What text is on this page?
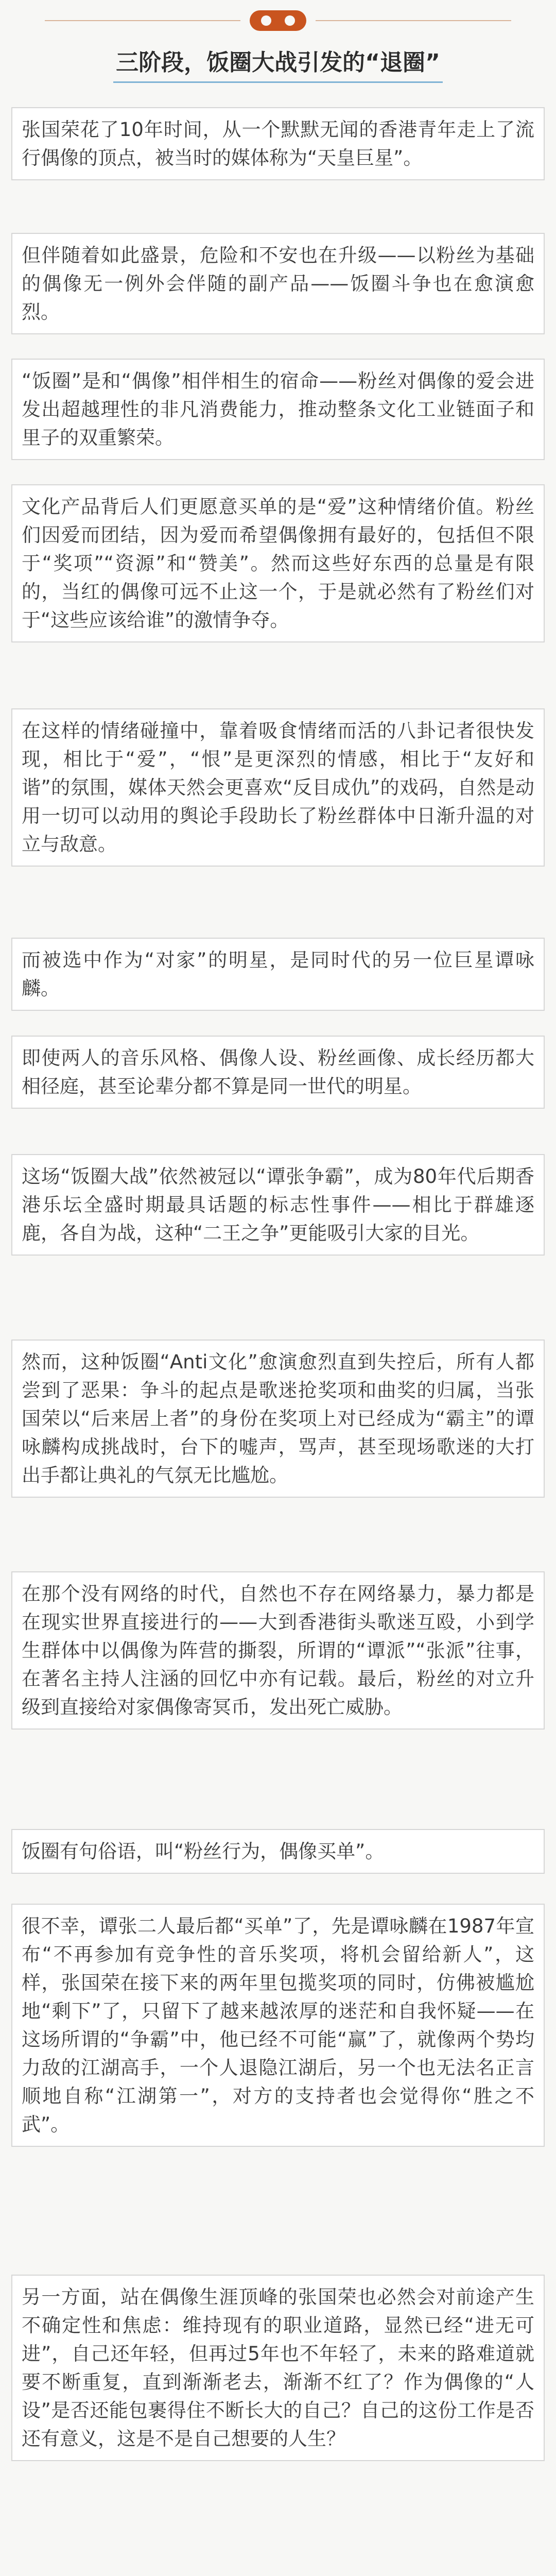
三阶段，饭圈大战引发的“退圈”

张国荣花了10年时间，从一个默默无闻的香港青年走上了流行偶像的顶点，被当时的媒体称为“天皇巨星”。

但伴随着如此盛景，危险和不安也在升级——以粉丝为基础的偶像无一例外会伴随的副产品——饭圈斗争也在愈演愈烈。

“饭圈”是和“偶像”相伴相生的宿命——粉丝对偶像的爱会进发出超越理性的非凡消费能力，推动整条文化工业链面子和里子的双重繁荣。

文化产品背后人们更愿意买单的是“爱”这种情绪价值。粉丝们因爱而团结，因为爱而希望偶像拥有最好的，包括但不限于“奖项”“资源”和“赞美”。然而这些好东西的总量是有限的，当红的偶像可远不止这一个，于是就必然有了粉丝们对于“这些应该给谁”的激情争夺。

在这样的情绪碰撞中，靠着吸食情绪而活的八卦记者很快发现，相比于“爱”，“恨”是更深烈的情感，相比于“友好和谐”的氛围，媒体天然会更喜欢“反目成仇”的戏码，自然是动用一切可以动用的舆论手段助长了粉丝群体中日渐升温的对立与敌意。

而被选中作为“对家”的明星，是同时代的另一位巨星谭咏麟。

即使两人的音乐风格、偶像人设、粉丝画像、成长经历都大相径庭，甚至论辈分都不算是同一世代的明星。

这场“饭圈大战”依然被冠以“谭张争霸”，成为80年代后期香港乐坛全盛时期最具话题的标志性事件——相比于群雄逐鹿，各自为战，这种“二王之争”更能吸引大家的目光。

然而，这种饭圈“Anti文化”愈演愈烈直到失控后，所有人都尝到了恶果：争斗的起点是歌迷抢奖项和曲奖的归属，当张国荣以“后来居上者”的身份在奖项上对已经成为“霸主”的谭咏麟构成挑战时，台下的嘘声，骂声，甚至现场歌迷的大打出手都让典礼的气氛无比尴尬。

在那个没有网络的时代，自然也不存在网络暴力，暴力都是在现实世界直接进行的——大到香港街头歌迷互殴，小到学生群体中以偶像为阵营的撕裂，所谓的“谭派”“张派”往事，在著名主持人注涵的回忆中亦有记载。最后，粉丝的对立升级到直接给对家偶像寄冥币，发出死亡威胁。

饭圈有句俗语，叫“粉丝行为，偶像买单”。

很不幸，谭张二人最后都“买单”了，先是谭咏麟在1987年宣布“不再参加有竞争性的音乐奖项，将机会留给新人”，这样，张国荣在接下来的两年里包揽奖项的同时，仿佛被尴尬地“剩下”了，只留下了越来越浓厚的迷茫和自我怀疑——在这场所谓的“争霸”中，他已经不可能“赢”了，就像两个势均力敌的江湖高手，一个人退隐江湖后，另一个也无法名正言顺地自称“江湖第一”，对方的支持者也会觉得你“胜之不武”。

另一方面，站在偶像生涯顶峰的张国荣也必然会对前途产生不确定性和焦虑：维持现有的职业道路，显然已经“进无可进”，自己还年轻，但再过5年也不年轻了，未来的路难道就要不断重复，直到渐渐老去，渐渐不红了？作为偶像的“人设”是否还能包裹得住不断长大的自己？自己的这份工作是否还有意义，这是不是自己想要的人生？
